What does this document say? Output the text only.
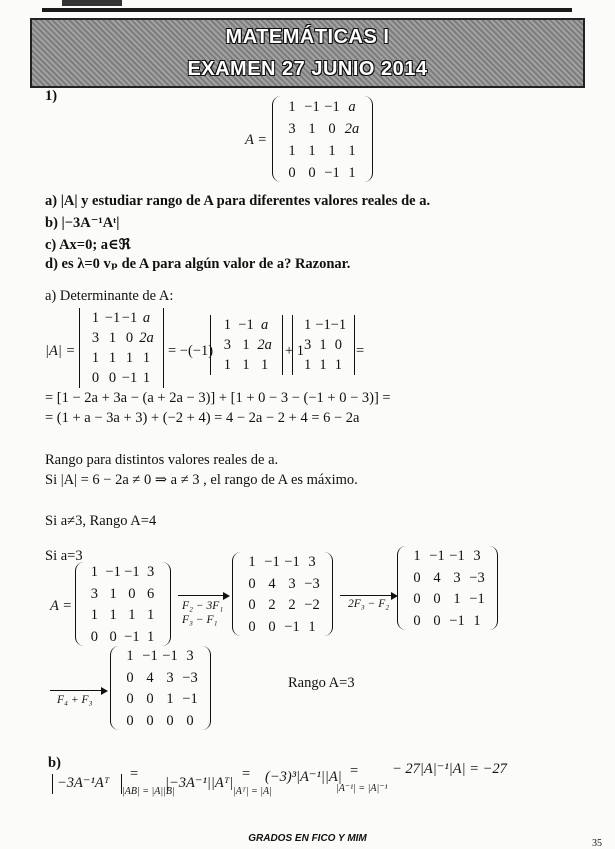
MATEMÁTICAS I
EXAMEN 27 JUNIO 2014
1)
A =
1 −1 −1 a
3 1 0 2a
1 1 1 1
0 0 −1 1
a) |A| y estudiar rango de A para diferentes valores reales de a.
b) |−3A⁻¹Aᵗ|
c) Ax=0; a∈ℜ
d) es λ=0 vₚ de A para algún valor de a? Razonar.
a) Determinante de A:
|A| =
1 −1 −1 a
3 1 0 2a
1 1 1 1
0 0 −1 1
= −(−1)
1 −1 a
3 1 2a
1 1 1
+ 1
1 −1 −1
3 1 0
1 1 1
=
= [1 − 2a + 3a − (a + 2a − 3)] + [1 + 0 − 3 − (−1 + 0 − 3)] =
= (1 + a − 3a + 3) + (−2 + 4) = 4 − 2a − 2 + 4 = 6 − 2a
Rango para distintos valores reales de a.
Si |A| = 6 − 2a ≠ 0 ⇒ a ≠ 3 , el rango de A es máximo.
Si a≠3, Rango A=4
Si a=3
A =
1 −1 −1 3
3 1 0 6
1 1 1 1
0 0 −1 1
F₂ − 3F₁
F₃ − F₁
1 −1 −1 3
0 4 3 −3
0 2 2 −2
0 0 −1 1
2F₃ − F₂
1 −1 −1 3
0 4 3 −3
0 0 1 −1
0 0 −1 1
F₄ + F₃
1 −1 −1 3
0 4 3 −3
0 0 1 −1
0 0 0 0
Rango A=3
b)
−3A⁻¹Aᵀ
=
|AB| = |A||B|
|−3A⁻¹||Aᵀ|
=
|Aᵀ| = |A|
(−3)³|A⁻¹||A| =
|A⁻¹| = |A|⁻¹
− 27|A|⁻¹|A| = −27
GRADOS EN FICO Y MIM	35
